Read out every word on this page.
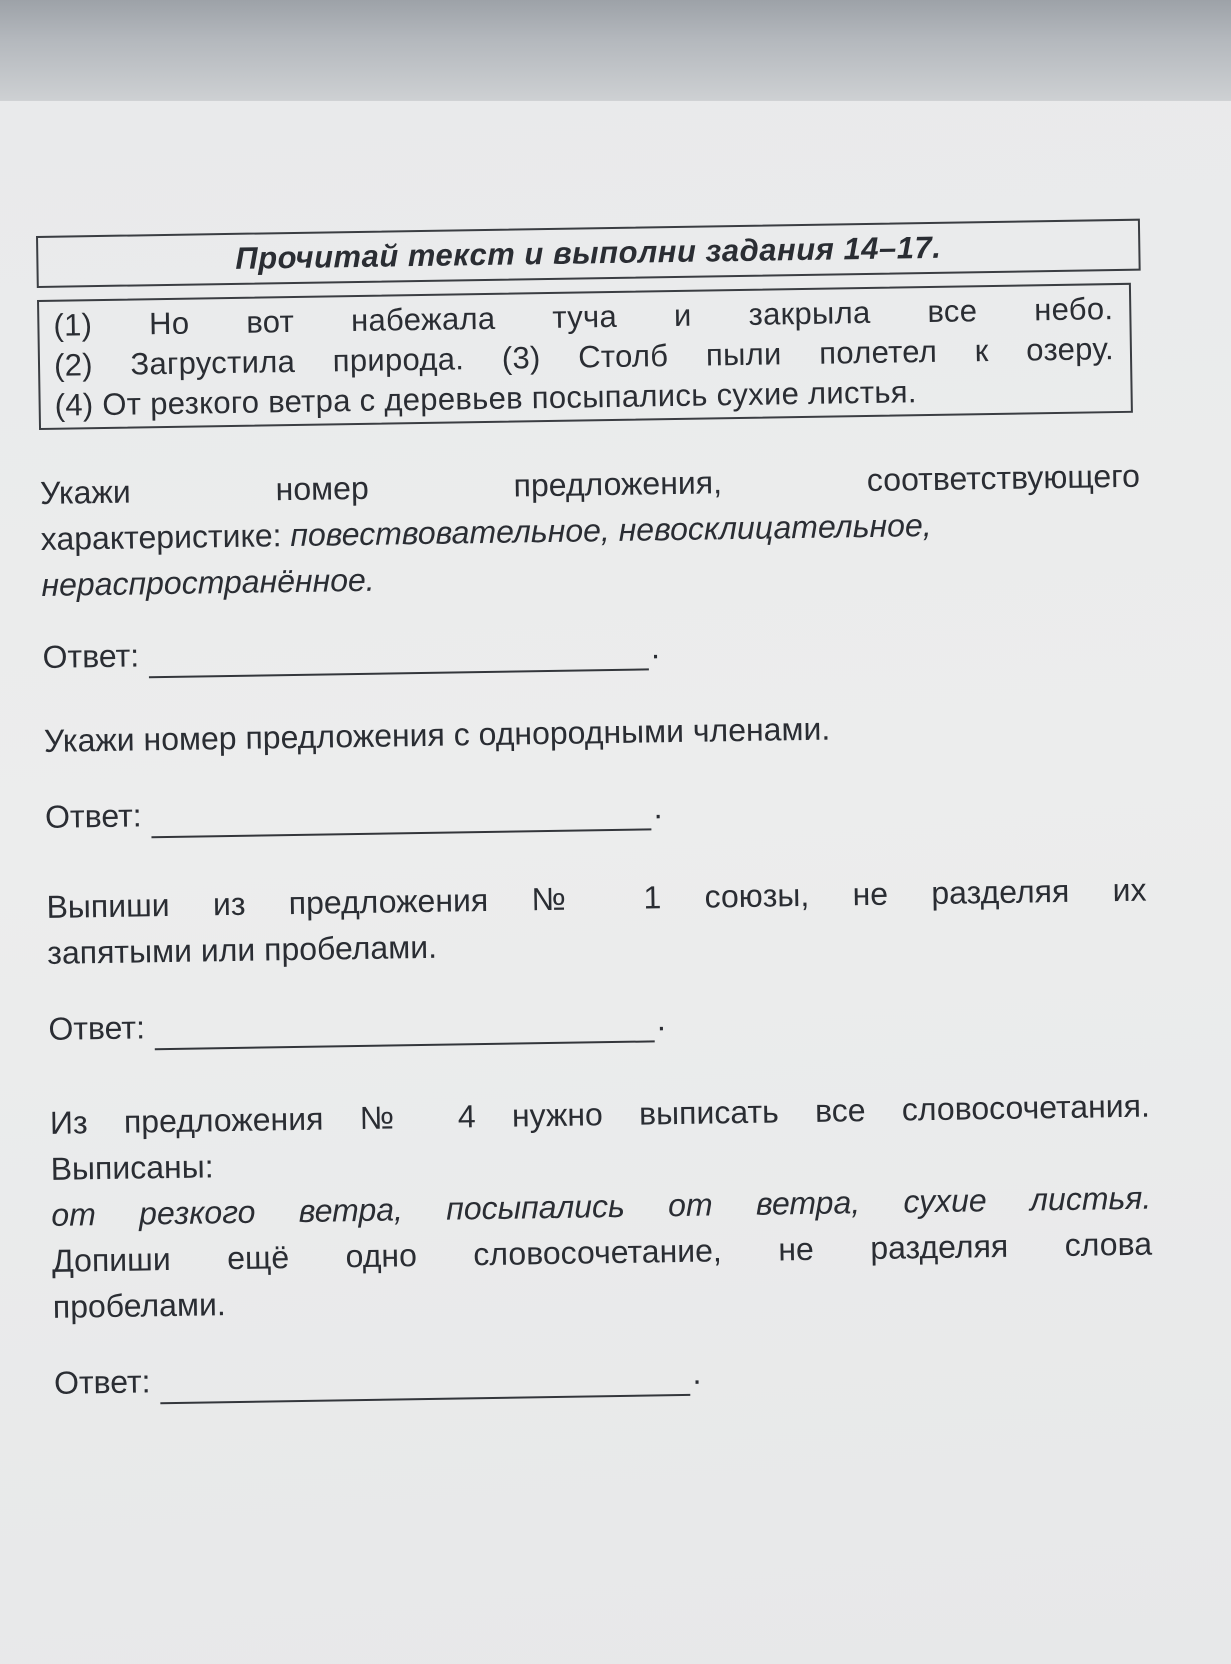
Прочитай текст и выполни задания 14–17.
(1) Но вот набежала туча и закрыла все небо.
(2) Загрустила природа. (3) Столб пыли полетел к озеру.
(4) От резкого ветра с деревьев посыпались сухие листья.
Укажи номер предложения, соответствующего
характеристике: повествовательное, невосклицательное, нераспространённое.
Ответ:	.
Укажи номер предложения с однородными членами.
Ответ:	.
Выпиши из предложения № 1 союзы, не разделяя их
запятыми или пробелами.
Ответ:	.
Из предложения № 4 нужно выписать все словосочетания.
Выписаны:
от резкого ветра, посыпались от ветра, сухие листья.
Допиши ещё одно словосочетание, не разделяя слова
пробелами.
Ответ:	.
